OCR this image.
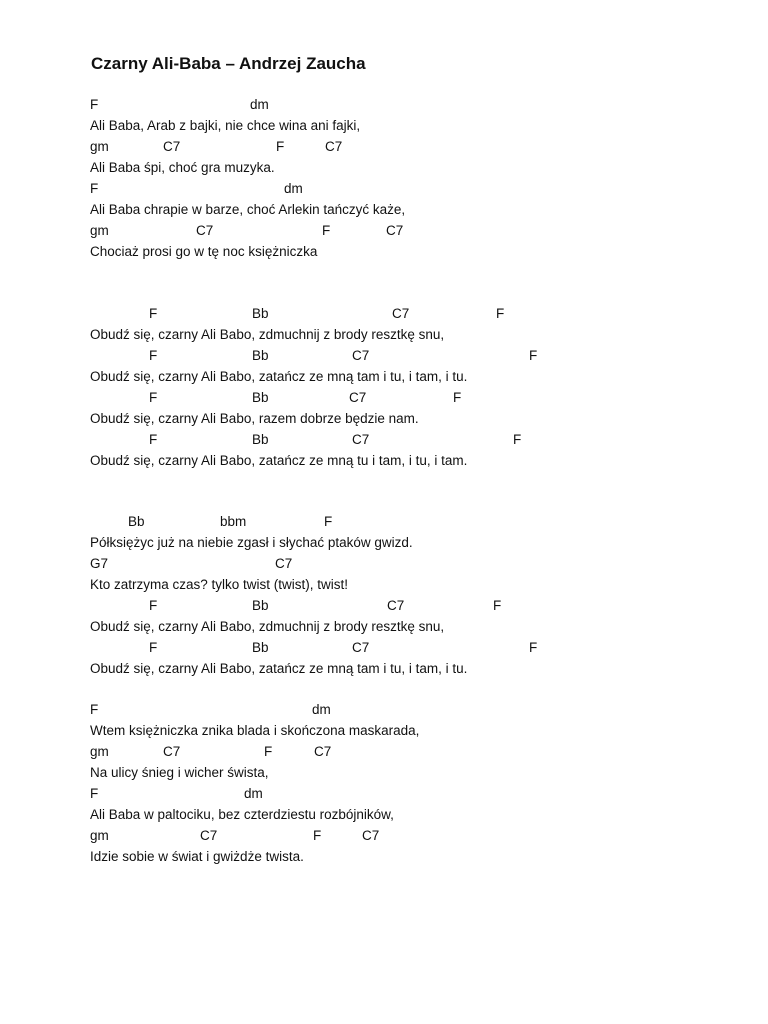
Czarny Ali-Baba – Andrzej Zaucha
F	dm
Ali Baba, Arab z bajki, nie chce wina ani fajki,
gm	C7	F	C7
Ali Baba śpi, choć gra muzyka.
F	dm
Ali Baba chrapie w barze, choć Arlekin tańczyć każe,
gm	C7	F	C7
Chociaż prosi go w tę noc księżniczka
F	Bb	C7	F
Obudź się, czarny Ali Babo, zdmuchnij z brody resztkę snu,
F	Bb	C7	F
Obudź się, czarny Ali Babo, zatańcz ze mną tam i tu, i tam, i tu.
F	Bb	C7	F
Obudź się, czarny Ali Babo, razem dobrze będzie nam.
F	Bb	C7	F
Obudź się, czarny Ali Babo, zatańcz ze mną tu i tam, i tu, i tam.
Bb	bbm	F
Półksiężyc już na niebie zgasł i słychać ptaków gwizd.
G7	C7
Kto zatrzyma czas? tylko twist (twist), twist!
F	Bb	C7	F
Obudź się, czarny Ali Babo, zdmuchnij z brody resztkę snu,
F	Bb	C7	F
Obudź się, czarny Ali Babo, zatańcz ze mną tam i tu, i tam, i tu.
F	dm
Wtem księżniczka znika blada i skończona maskarada,
gm	C7	F	C7
Na ulicy śnieg i wicher śwista,
F	dm
Ali Baba w paltociku, bez czterdziestu rozbójników,
gm	C7	F	C7
Idzie sobie w świat i gwiżdże twista.
